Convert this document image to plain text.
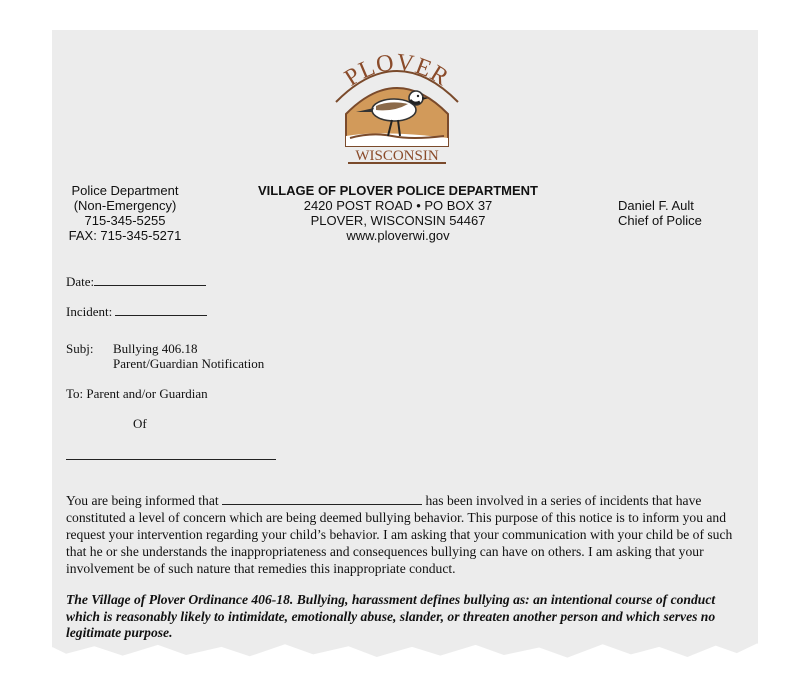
PLOVER
WISCONSIN
Police Department
(Non-Emergency)
715-345-5255
FAX: 715-345-5271
VILLAGE OF PLOVER POLICE DEPARTMENT
2420 POST ROAD • PO BOX 37
PLOVER, WISCONSIN 54467
www.ploverwi.gov
Daniel F. Ault
Chief of Police
Date:
Incident:
Subj: Bullying 406.18
Parent/Guardian Notification
To: Parent and/or Guardian
Of
You are being informed that	has been involved in a series of incidents that have constituted a level of concern which are being deemed bullying behavior. This purpose of this notice is to inform you and request your intervention regarding your child’s behavior. I am asking that your communication with your child be of such that he or she understands the inappropriateness and consequences bullying can have on others. I am asking that your involvement be of such nature that remedies this inappropriate conduct.
The Village of Plover Ordinance 406-18. Bullying, harassment defines bullying as: an intentional course of conduct which is reasonably likely to intimidate, emotionally abuse, slander, or threaten another person and which serves no legitimate purpose.
